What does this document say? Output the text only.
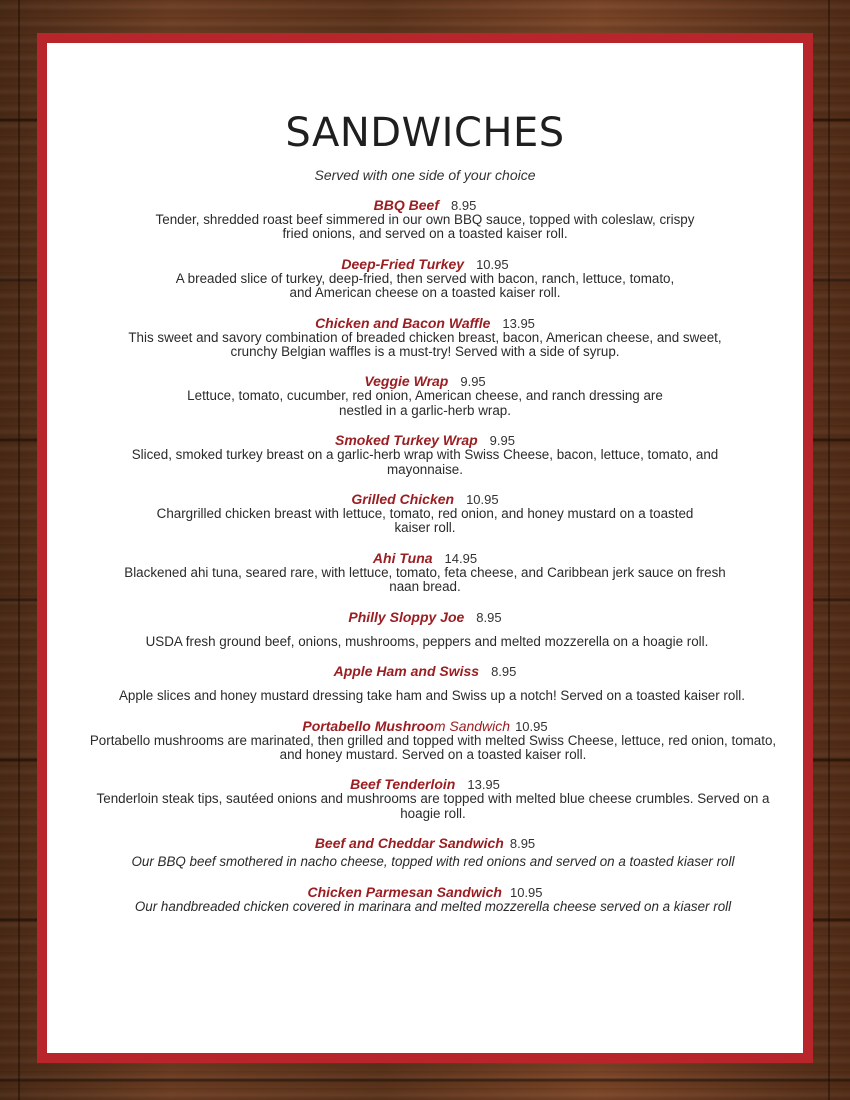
SANDWICHES
Served with one side of your choice
BBQ Beef 8.95
Tender, shredded roast beef simmered in our own BBQ sauce, topped with coleslaw, crispy fried onions, and served on a toasted kaiser roll.
Deep-Fried Turkey 10.95
A breaded slice of turkey, deep-fried, then served with bacon, ranch, lettuce, tomato, and American cheese on a toasted kaiser roll.
Chicken and Bacon Waffle 13.95
This sweet and savory combination of breaded chicken breast, bacon, American cheese, and sweet, crunchy Belgian waffles is a must-try! Served with a side of syrup.
Veggie Wrap 9.95
Lettuce, tomato, cucumber, red onion, American cheese, and ranch dressing are nestled in a garlic-herb wrap.
Smoked Turkey Wrap 9.95
Sliced, smoked turkey breast on a garlic-herb wrap with Swiss Cheese, bacon, lettuce, tomato, and mayonnaise.
Grilled Chicken 10.95
Chargrilled chicken breast with lettuce, tomato, red onion, and honey mustard on a toasted kaiser roll.
Ahi Tuna 14.95
Blackened ahi tuna, seared rare, with lettuce, tomato, feta cheese, and Caribbean jerk sauce on fresh naan bread.
Philly Sloppy Joe 8.95
USDA fresh ground beef, onions, mushrooms, peppers and melted mozzerella on a hoagie roll.
Apple Ham and Swiss 8.95
Apple slices and honey mustard dressing take ham and Swiss up a notch! Served on a toasted kaiser roll.
Portabello Mushroom Sandwich 10.95
Portabello mushrooms are marinated, then grilled and topped with melted Swiss Cheese, lettuce, red onion, tomato, and honey mustard. Served on a toasted kaiser roll.
Beef Tenderloin 13.95
Tenderloin steak tips, sautéed onions and mushrooms are topped with melted blue cheese crumbles. Served on a hoagie roll.
Beef and Cheddar Sandwich 8.95
Our BBQ beef smothered in nacho cheese, topped with red onions and served on a toasted kiaser roll
Chicken Parmesan Sandwich 10.95
Our handbreaded chicken covered in marinara and melted mozzerella cheese served on a kiaser roll
